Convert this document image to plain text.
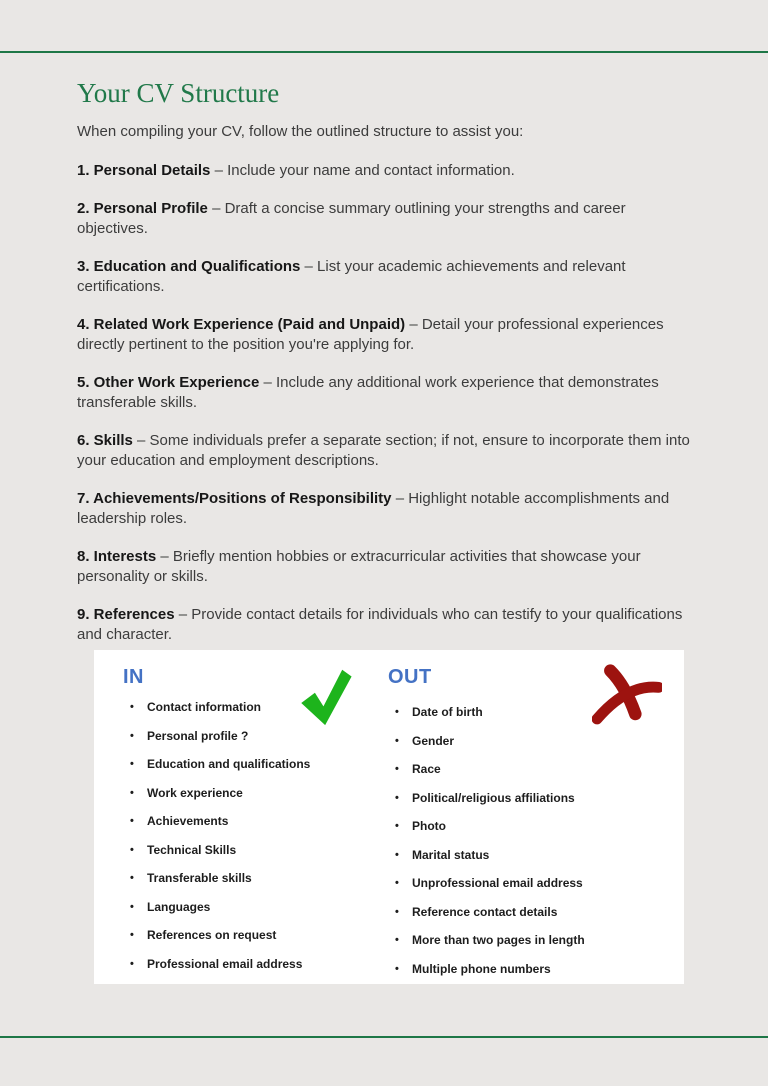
Your CV Structure

When compiling your CV, follow the outlined structure to assist you:

1. Personal Details – Include your name and contact information.

2. Personal Profile – Draft a concise summary outlining your strengths and career objectives.

3. Education and Qualifications – List your academic achievements and relevant certifications.

4. Related Work Experience (Paid and Unpaid) – Detail your professional experiences directly pertinent to the position you're applying for.

5. Other Work Experience – Include any additional work experience that demonstrates transferable skills.

6. Skills – Some individuals prefer a separate section; if not, ensure to incorporate them into your education and employment descriptions.

7. Achievements/Positions of Responsibility – Highlight notable accomplishments and leadership roles.

8. Interests – Briefly mention hobbies or extracurricular activities that showcase your personality or skills.

9. References – Provide contact details for individuals who can testify to your qualifications and character.

IN
•	Contact information
•	Personal profile ?
•	Education and qualifications
•	Work experience
•	Achievements
•	Technical Skills
•	Transferable skills
•	Languages
•	References on request
•	Professional email address
OUT
•	Date of birth
•	Gender
•	Race
•	Political/religious affiliations
•	Photo
•	Marital status
•	Unprofessional email address
•	Reference contact details
•	More than two pages in length
•	Multiple phone numbers
